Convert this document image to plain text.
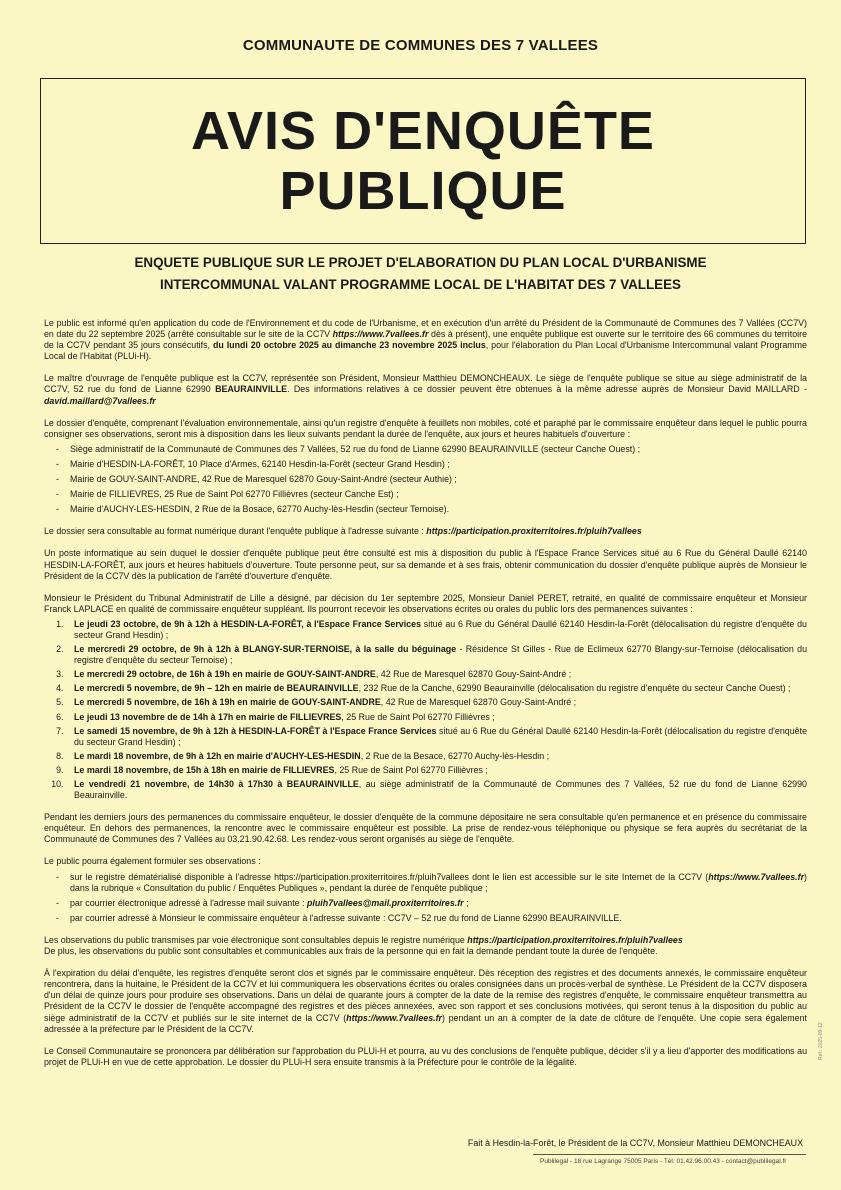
COMMUNAUTE DE COMMUNES DES 7 VALLEES
AVIS D'ENQUÊTE
PUBLIQUE
ENQUETE PUBLIQUE SUR LE PROJET D'ELABORATION DU PLAN LOCAL D'URBANISME
INTERCOMMUNAL VALANT PROGRAMME LOCAL DE L'HABITAT DES 7 VALLEES

Le public est informé qu'en application du code de l'Environnement et du code de l'Urbanisme, et en exécution d'un arrêté du Président de la Communauté de Communes des 7 Vallées (CC7V) en date du 22 septembre 2025 (arrêté consultable sur le site de la CC7V https://www.7vallees.fr dès à présent), une enquête publique est ouverte sur le territoire des 66 communes du territoire de la CC7V pendant 35 jours consécutifs, du lundi 20 octobre 2025 au dimanche 23 novembre 2025 inclus, pour l'élaboration du Plan Local d'Urbanisme Intercommunal valant Programme Local de l'Habitat (PLUi-H).

Le maître d'ouvrage de l'enquête publique est la CC7V, représentée son Président, Monsieur Matthieu DEMONCHEAUX. Le siège de l'enquête publique se situe au siège administratif de la CC7V, 52 rue du fond de Lianne 62990 BEAURAINVILLE. Des informations relatives à ce dossier peuvent être obtenues à la même adresse auprès de Monsieur David MAILLARD - david.maillard@7vallees.fr

Le dossier d'enquête, comprenant l'évaluation environnementale, ainsi qu'un registre d'enquête à feuillets non mobiles, coté et paraphé par le commissaire enquêteur dans lequel le public pourra consigner ses observations, seront mis à disposition dans les lieux suivants pendant la durée de l'enquête, aux jours et heures habituels d'ouverture :

- Siège administratif de la Communauté de Communes des 7 Vallées, 52 rue du fond de Lianne 62990 BEAURAINVILLE (secteur Canche Ouest) ;
- Mairie d'HESDIN-LA-FORÊT, 10 Place d'Armes, 62140 Hesdin-la-Forêt (secteur Grand Hesdin) ;
- Mairie de GOUY-SAINT-ANDRE, 42 Rue de Maresquel 62870 Gouy-Saint-André (secteur Authie) ;
- Mairie de FILLIEVRES, 25 Rue de Saint Pol 62770 Fillièvres (secteur Canche Est) ;
- Mairie d'AUCHY-LES-HESDIN, 2 Rue de la Bosace, 62770 Auchy-lès-Hesdin (secteur Ternoise).

Le dossier sera consultable au format numérique durant l'enquête publique à l'adresse suivante : https://participation.proxiterritoires.fr/pluih7vallees

Un poste informatique au sein duquel le dossier d'enquête publique peut être consulté est mis à disposition du public à l'Espace France Services situé au 6 Rue du Général Daullé 62140 HESDIN-LA-FORÊT, aux jours et heures habituels d'ouverture. Toute personne peut, sur sa demande et à ses frais, obtenir communication du dossier d'enquête publique auprès de Monsieur le Président de la CC7V dès la publication de l'arrêté d'ouverture d'enquête.

Monsieur le Président du Tribunal Administratif de Lille a désigné, par décision du 1er septembre 2025, Monsieur Daniel PERET, retraité, en qualité de commissaire enquêteur et Monsieur Franck LAPLACE en qualité de commissaire enquêteur suppléant. Ils pourront recevoir les observations écrites ou orales du public lors des permanences suivantes :

1. Le jeudi 23 octobre, de 9h à 12h à HESDIN-LA-FORÊT, à l'Espace France Services situé au 6 Rue du Général Daullé 62140 Hesdin-la-Forêt (délocalisation du registre d'enquête du secteur Grand Hesdin) ;
2. Le mercredi 29 octobre, de 9h à 12h à BLANGY-SUR-TERNOISE, à la salle du béguinage - Résidence St Gilles - Rue de Eclimeux 62770 Blangy-sur-Ternoise (délocalisation du registre d'enquête du secteur Ternoise) ;
3. Le mercredi 29 octobre, de 16h à 19h en mairie de GOUY-SAINT-ANDRE, 42 Rue de Maresquel 62870 Gouy-Saint-André ;
4. Le mercredi 5 novembre, de 9h – 12h en mairie de BEAURAINVILLE, 232 Rue de la Canche, 62990 Beaurainville (délocalisation du registre d'enquête du secteur Canche Ouest) ;
5. Le mercredi 5 novembre, de 16h à 19h en mairie de GOUY-SAINT-ANDRE, 42 Rue de Maresquel 62870 Gouy-Saint-André ;
6. Le jeudi 13 novembre de de 14h à 17h en mairie de FILLIEVRES, 25 Rue de Saint Pol 62770 Fillièvres ;
7. Le samedi 15 novembre, de 9h à 12h à HESDIN-LA-FORÊT à l'Espace France Services situé au 6 Rue du Général Daullé 62140 Hesdin-la-Forêt (délocalisation du registre d'enquête du secteur Grand Hesdin) ;
8. Le mardi 18 novembre, de 9h à 12h en mairie d'AUCHY-LES-HESDIN, 2 Rue de la Besace, 62770 Auchy-lès-Hesdin ;
9. Le mardi 18 novembre, de 15h à 18h en mairie de FILLIEVRES, 25 Rue de Saint Pol 62770 Fillièvres ;
10. Le vendredi 21 novembre, de 14h30 à 17h30 à BEAURAINVILLE, au siège administratif de la Communauté de Communes des 7 Vallées, 52 rue du fond de Lianne 62990 Beaurainville.

Pendant les derniers jours des permanences du commissaire enquêteur, le dossier d'enquête de la commune dépositaire ne sera consultable qu'en permanence et en présence du commissaire enquêteur. En dehors des permanences, la rencontre avec le commissaire enquêteur est possible. La prise de rendez-vous téléphonique ou physique se fera auprès du secrétariat de la Communauté de Communes des 7 Vallées au 03.21.90.42.68. Les rendez-vous seront organisés au siège de l'enquête.

Le public pourra également formuler ses observations :

- sur le registre dématérialisé disponible à l'adresse https://participation.proxiterritoires.fr/pluih7vallees dont le lien est accessible sur le site Internet de la CC7V (https://www.7vallees.fr) dans la rubrique « Consultation du public / Enquêtes Publiques », pendant la durée de l'enquête publique ;
- par courrier électronique adressé à l'adresse mail suivante : pluih7vallees@mail.proxiterritoires.fr ;
- par courrier adressé à Monsieur le commissaire enquêteur à l'adresse suivante : CC7V – 52 rue du fond de Lianne 62990 BEAURAINVILLE.

Les observations du public transmises par voie électronique sont consultables depuis le registre numérique https://participation.proxiterritoires.fr/pluih7vallees
De plus, les observations du public sont consultables et communicables aux frais de la personne qui en fait la demande pendant toute la durée de l'enquête.

À l'expiration du délai d'enquête, les registres d'enquête seront clos et signés par le commissaire enquêteur. Dès réception des registres et des documents annexés, le commissaire enquêteur rencontrera, dans la huitaine, le Président de la CC7V et lui communiquera les observations écrites ou orales consignées dans un procès-verbal de synthèse. Le Président de la CC7V disposera d'un délai de quinze jours pour produire ses observations. Dans un délai de quarante jours à compter de la date de la remise des registres d'enquête, le commissaire enquêteur transmettra au Président de la CC7V le dossier de l'enquête accompagné des registres et des pièces annexées, avec son rapport et ses conclusions motivées, qui seront tenus à la disposition du public au siège administratif de la CC7V et publiés sur le site internet de la CC7V (https://www.7vallees.fr) pendant un an à compter de la date de clôture de l'enquête. Une copie sera également adressée à la préfecture par le Président de la CC7V.

Le Conseil Communautaire se prononcera par délibération sur l'approbation du PLUi-H et pourra, au vu des conclusions de l'enquête publique, décider s'il y a lieu d'apporter des modifications au projet de PLUi-H en vue de cette approbation. Le dossier du PLUi-H sera ensuite transmis à la Préfecture pour le contrôle de la légalité.

Fait à Hesdin-la-Forêt, le Président de la CC7V, Monsieur Matthieu DEMONCHEAUX
Publilegal - 18 rue Lagrange 75005 Paris - Tél. 01.42.96.00.43 - contact@publilegal.fr
Réf.: 2025-09-12
